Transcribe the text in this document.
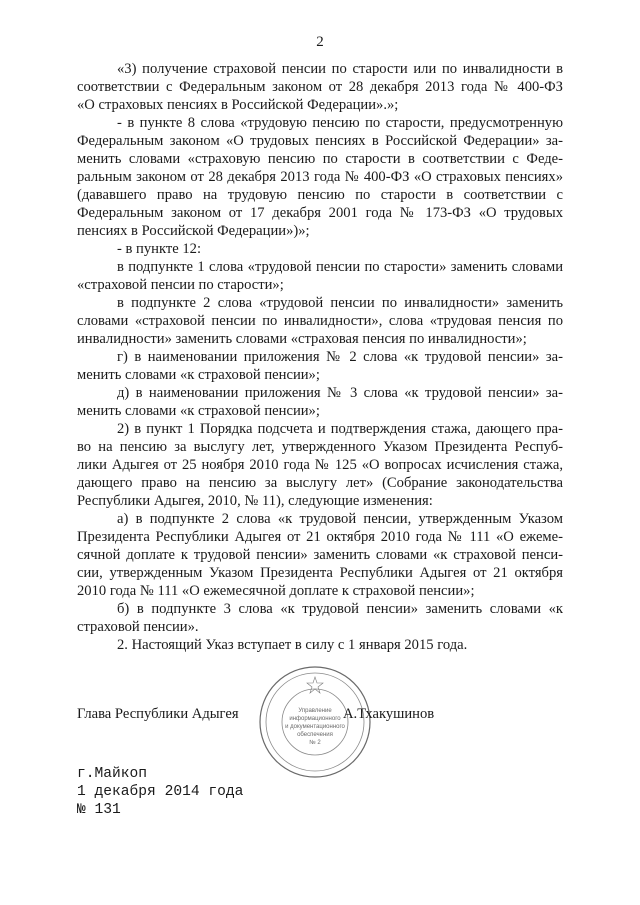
2
«3) получение страховой пенсии по старости или по инвалидности в
соответствии с Федеральным законом от 28 декабря 2013 года № 400-ФЗ
«О страховых пенсиях в Российской Федерации».»;
- в пункте 8 слова «трудовую пенсию по старости, предусмотренную
Федеральным законом «О трудовых пенсиях в Российской Федерации» за-
менить словами «страховую пенсию по старости в соответствии с Феде-
ральным законом от 28 декабря 2013 года № 400-ФЗ «О страховых пенсиях»
(дававшего право на трудовую пенсию по старости в соответствии с
Федеральным законом от 17 декабря 2001 года № 173-ФЗ «О трудовых
пенсиях в Российской Федерации»)»;
- в пункте 12:
в подпункте 1 слова «трудовой пенсии по старости» заменить словами
«страховой пенсии по старости»;
в подпункте 2 слова «трудовой пенсии по инвалидности» заменить
словами «страховой пенсии по инвалидности», слова «трудовая пенсия по
инвалидности» заменить словами «страховая пенсия по инвалидности»;
г) в наименовании приложения № 2 слова «к трудовой пенсии» за-
менить словами «к страховой пенсии»;
д) в наименовании приложения № 3 слова «к трудовой пенсии» за-
менить словами «к страховой пенсии»;
2) в пункт 1 Порядка подсчета и подтверждения стажа, дающего пра-
во на пенсию за выслугу лет, утвержденного Указом Президента Респуб-
лики Адыгея от 25 ноября 2010 года № 125 «О вопросах исчисления стажа,
дающего право на пенсию за выслугу лет» (Собрание законодательства
Республики Адыгея, 2010, № 11), следующие изменения:
а) в подпункте 2 слова «к трудовой пенсии, утвержденным Указом
Президента Республики Адыгея от 21 октября 2010 года № 111 «О ежеме-
сячной доплате к трудовой пенсии» заменить словами «к страховой пенси-
сии, утвержденным Указом Президента Республики Адыгея от 21 октября
2010 года № 111 «О ежемесячной доплате к страховой пенсии»;
б) в подпункте 3 слова «к трудовой пенсии» заменить словами «к
страховой пенсии».
2. Настоящий Указ вступает в силу с 1 января 2015 года.
Управление
информационного
и документационного
обеспечения
№ 2
Глава Республики Адыгея	А.Тхакушинов
г.Майкоп
1 декабря 2014 года
№ 131
